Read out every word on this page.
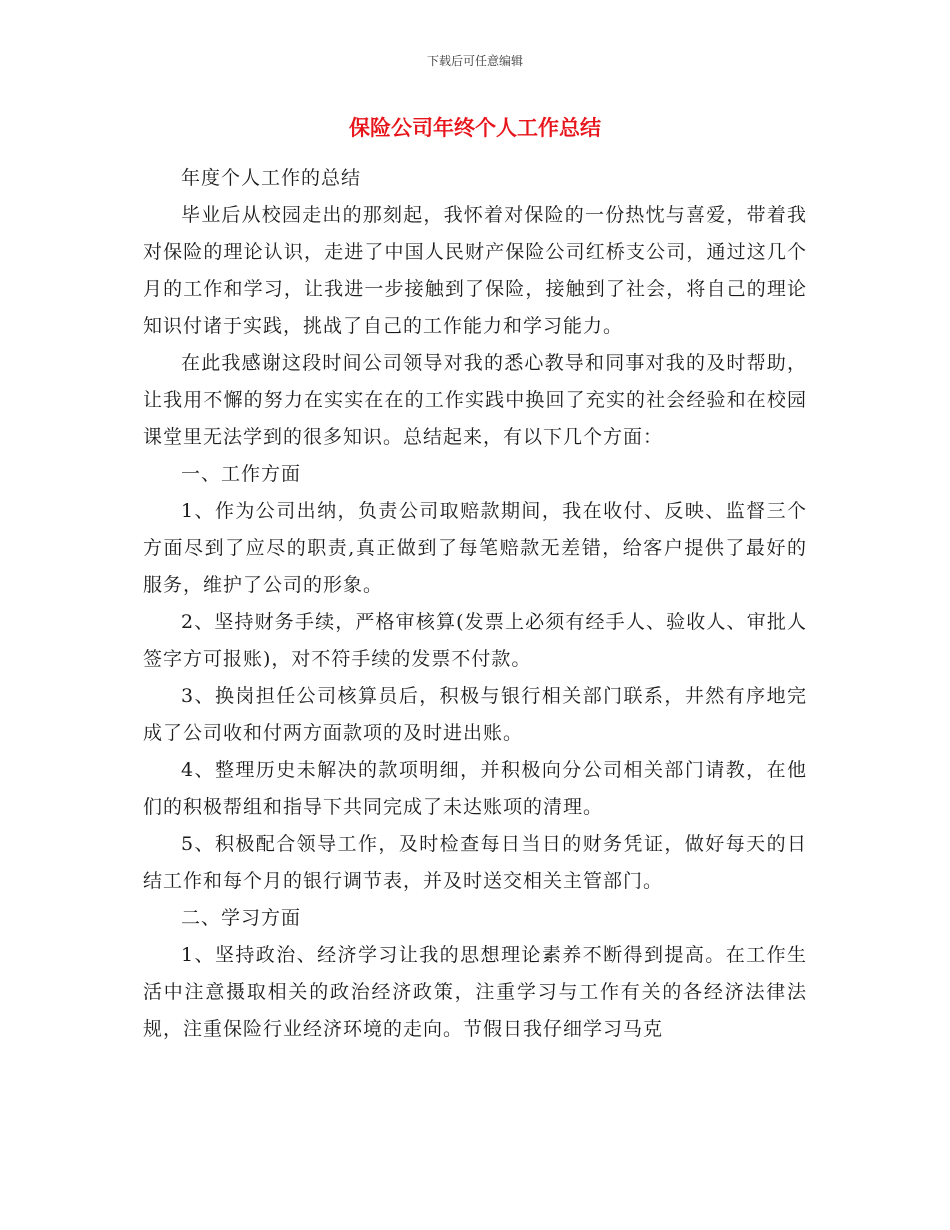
下载后可任意编辑
保险公司年终个人工作总结

年度个人工作的总结

毕业后从校园走出的那刻起，我怀着对保险的一份热忱与喜爱，带着我对保险的理论认识，走进了中国人民财产保险公司红桥支公司，通过这几个月的工作和学习，让我进一步接触到了保险，接触到了社会，将自己的理论知识付诸于实践，挑战了自己的工作能力和学习能力。

在此我感谢这段时间公司领导对我的悉心教导和同事对我的及时帮助，让我用不懈的努力在实实在在的工作实践中换回了充实的社会经验和在校园课堂里无法学到的很多知识。总结起来，有以下几个方面：

一、工作方面

1、作为公司出纳，负责公司取赔款期间，我在收付、反映、监督三个方面尽到了应尽的职责,真正做到了每笔赔款无差错，给客户提供了最好的服务，维护了公司的形象。

2、坚持财务手续，严格审核算(发票上必须有经手人、验收人、审批人签字方可报账)，对不符手续的发票不付款。

3、换岗担任公司核算员后，积极与银行相关部门联系，井然有序地完成了公司收和付两方面款项的及时进出账。

4、整理历史未解决的款项明细，并积极向分公司相关部门请教，在他们的积极帮组和指导下共同完成了未达账项的清理。

5、积极配合领导工作，及时检查每日当日的财务凭证，做好每天的日结工作和每个月的银行调节表，并及时送交相关主管部门。

二、学习方面

1、坚持政治、经济学习让我的思想理论素养不断得到提高。在工作生活中注意摄取相关的政治经济政策，注重学习与工作有关的各经济法律法规，注重保险行业经济环境的走向。节假日我仔细学习马克
